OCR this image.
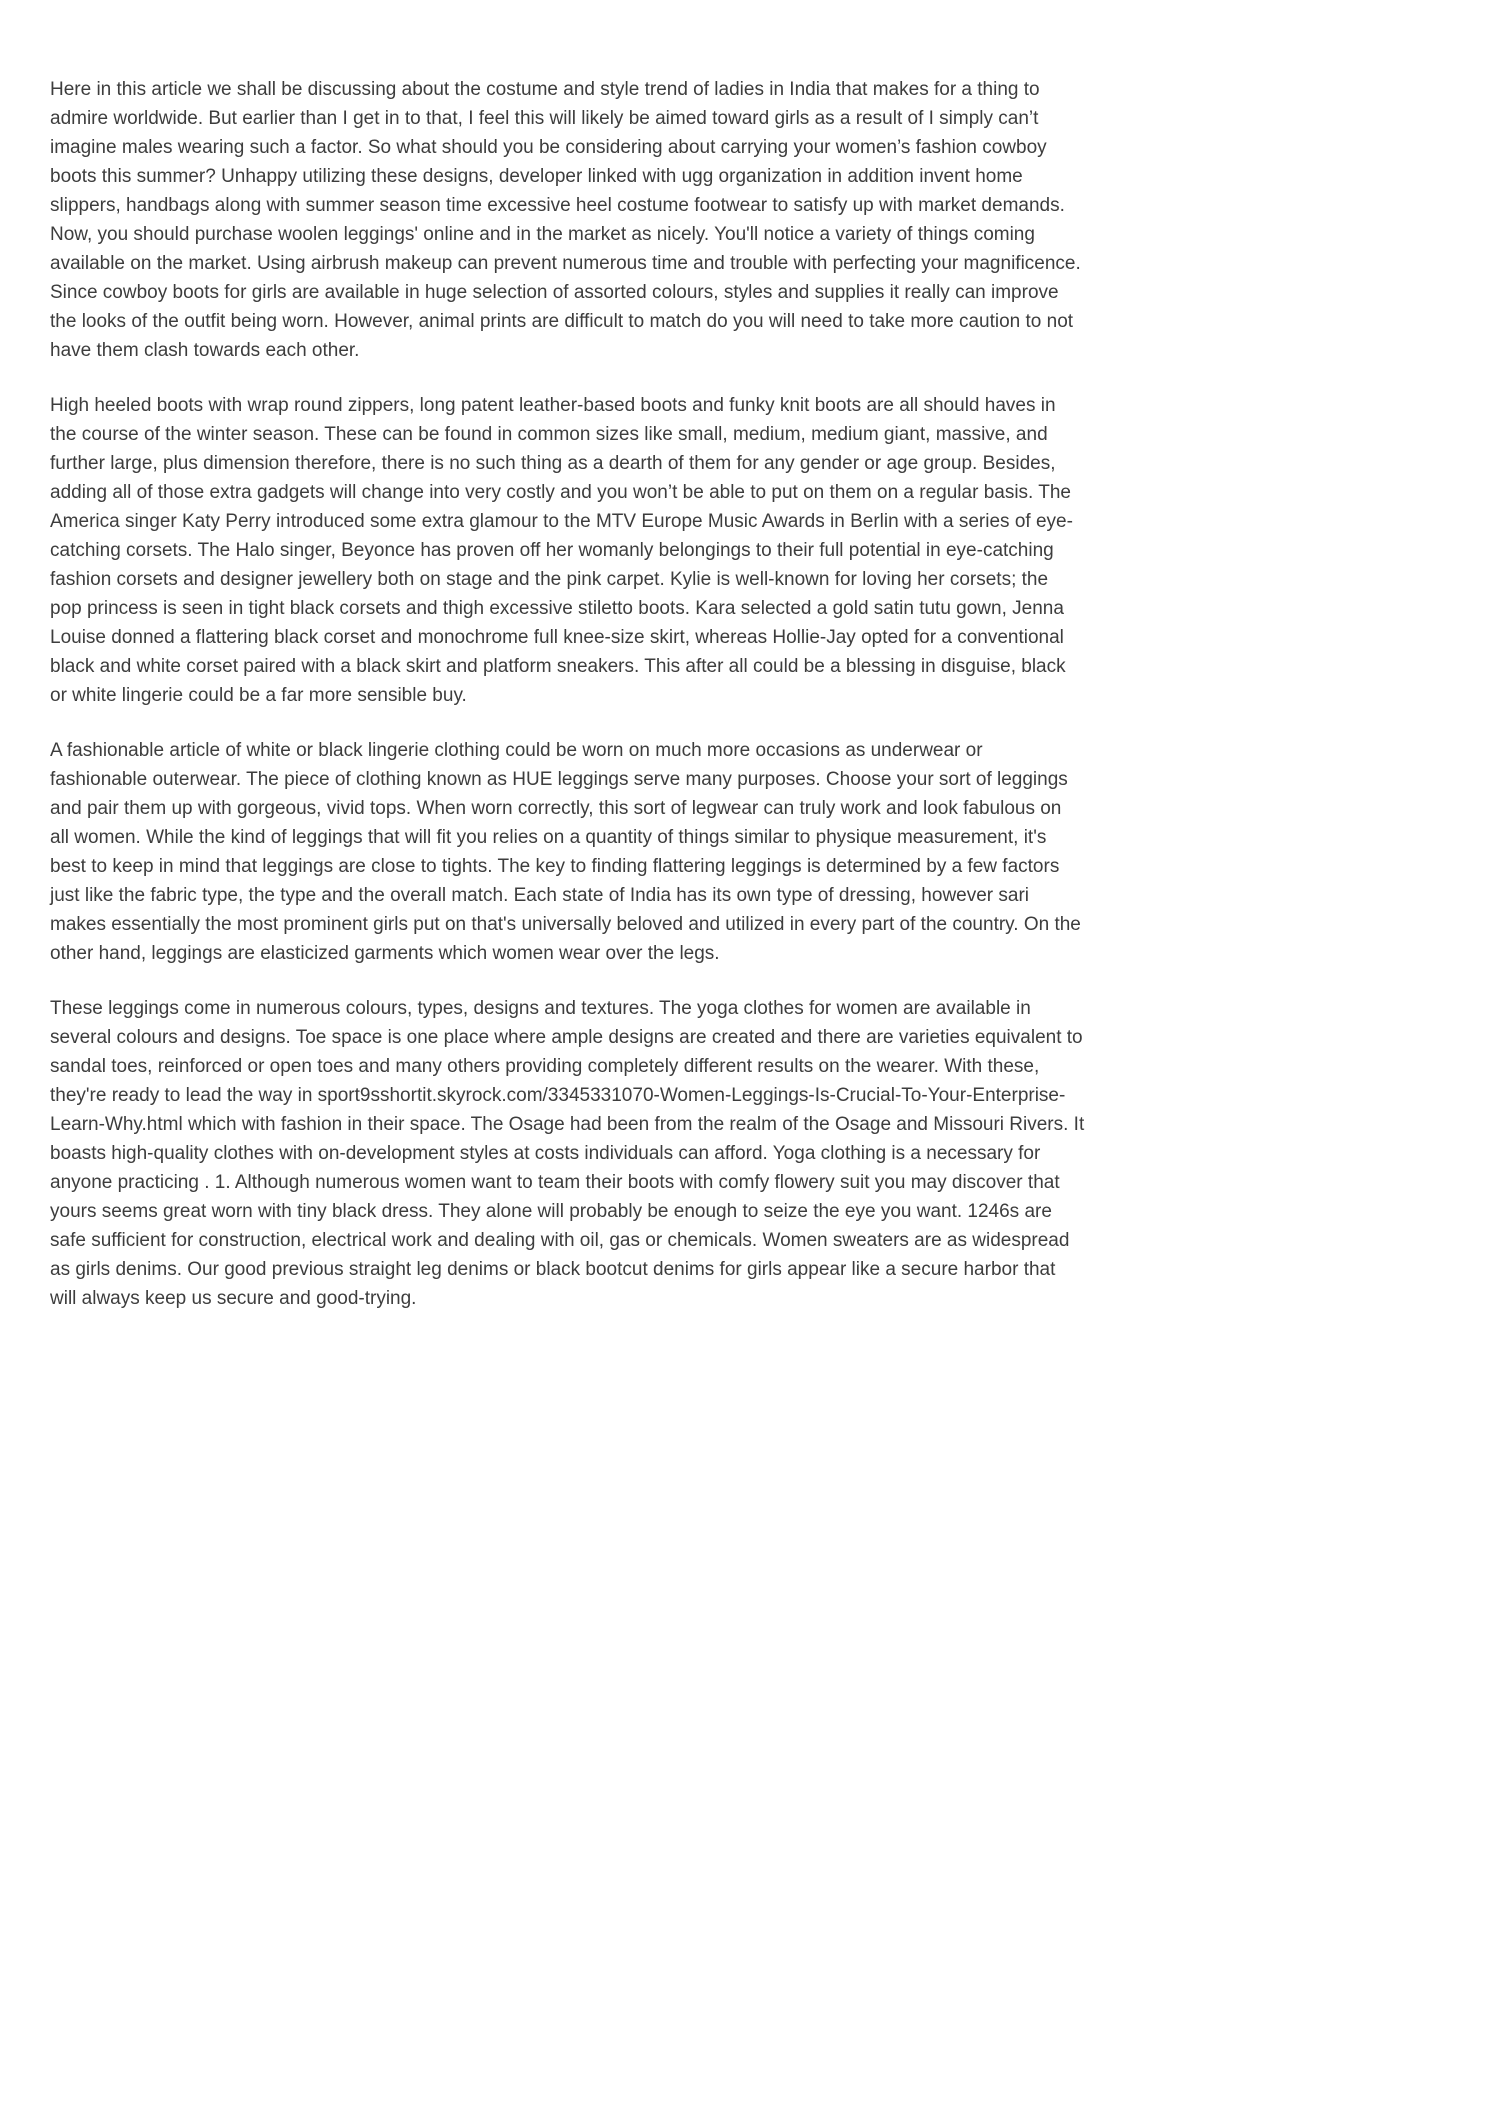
Here in this article we shall be discussing about the costume and style trend of ladies in India that makes for a thing to admire worldwide. But earlier than I get in to that, I feel this will likely be aimed toward girls as a result of I simply can’t imagine males wearing such a factor. So what should you be considering about carrying your women’s fashion cowboy boots this summer? Unhappy utilizing these designs, developer linked with ugg organization in addition invent home slippers, handbags along with summer season time excessive heel costume footwear to satisfy up with market demands. Now, you should purchase woolen leggings' online and in the market as nicely. You'll notice a variety of things coming available on the market. Using airbrush makeup can prevent numerous time and trouble with perfecting your magnificence. Since cowboy boots for girls are available in huge selection of assorted colours, styles and supplies it really can improve the looks of the outfit being worn. However, animal prints are difficult to match do you will need to take more caution to not have them clash towards each other.

High heeled boots with wrap round zippers, long patent leather-based boots and funky knit boots are all should haves in the course of the winter season. These can be found in common sizes like small, medium, medium giant, massive, and further large, plus dimension therefore, there is no such thing as a dearth of them for any gender or age group. Besides, adding all of those extra gadgets will change into very costly and you won’t be able to put on them on a regular basis. The America singer Katy Perry introduced some extra glamour to the MTV Europe Music Awards in Berlin with a series of eye-catching corsets. The Halo singer, Beyonce has proven off her womanly belongings to their full potential in eye-catching fashion corsets and designer jewellery both on stage and the pink carpet. Kylie is well-known for loving her corsets; the pop princess is seen in tight black corsets and thigh excessive stiletto boots. Kara selected a gold satin tutu gown, Jenna Louise donned a flattering black corset and monochrome full knee-size skirt, whereas Hollie-Jay opted for a conventional black and white corset paired with a black skirt and platform sneakers. This after all could be a blessing in disguise, black or white lingerie could be a far more sensible buy.

A fashionable article of white or black lingerie clothing could be worn on much more occasions as underwear or fashionable outerwear. The piece of clothing known as HUE leggings serve many purposes. Choose your sort of leggings and pair them up with gorgeous, vivid tops. When worn correctly, this sort of legwear can truly work and look fabulous on all women. While the kind of leggings that will fit you relies on a quantity of things similar to physique measurement, it's best to keep in mind that leggings are close to tights. The key to finding flattering leggings is determined by a few factors just like the fabric type, the type and the overall match. Each state of India has its own type of dressing, however sari makes essentially the most prominent girls put on that's universally beloved and utilized in every part of the country. On the other hand, leggings are elasticized garments which women wear over the legs.

These leggings come in numerous colours, types, designs and textures. The yoga clothes for women are available in several colours and designs. Toe space is one place where ample designs are created and there are varieties equivalent to sandal toes, reinforced or open toes and many others providing completely different results on the wearer. With these, they're ready to lead the way in sport9sshortit.skyrock.com/3345331070-Women-Leggings-Is-Crucial-To-Your-Enterprise-Learn-Why.html which with fashion in their space. The Osage had been from the realm of the Osage and Missouri Rivers. It boasts high-quality clothes with on-development styles at costs individuals can afford. Yoga clothing is a necessary for anyone practicing . 1. Although numerous women want to team their boots with comfy flowery suit you may discover that yours seems great worn with tiny black dress. They alone will probably be enough to seize the eye you want. 1246s are safe sufficient for construction, electrical work and dealing with oil, gas or chemicals. Women sweaters are as widespread as girls denims. Our good previous straight leg denims or black bootcut denims for girls appear like a secure harbor that will always keep us secure and good-trying.
